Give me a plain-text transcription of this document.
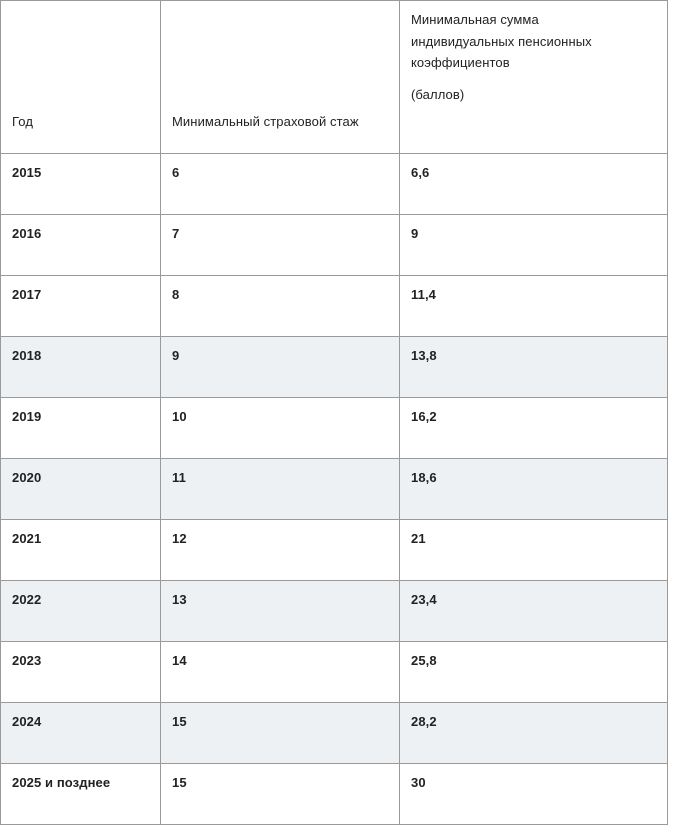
Год	Минимальный страховой стаж	Минимальная сумма
индивидуальных пенсионных
коэффициентов
(баллов)

2015	6	6,6
2016	7	9
2017	8	11,4
2018	9	13,8
2019	10	16,2
2020	11	18,6
2021	12	21
2022	13	23,4
2023	14	25,8
2024	15	28,2
2025 и позднее	15	30
